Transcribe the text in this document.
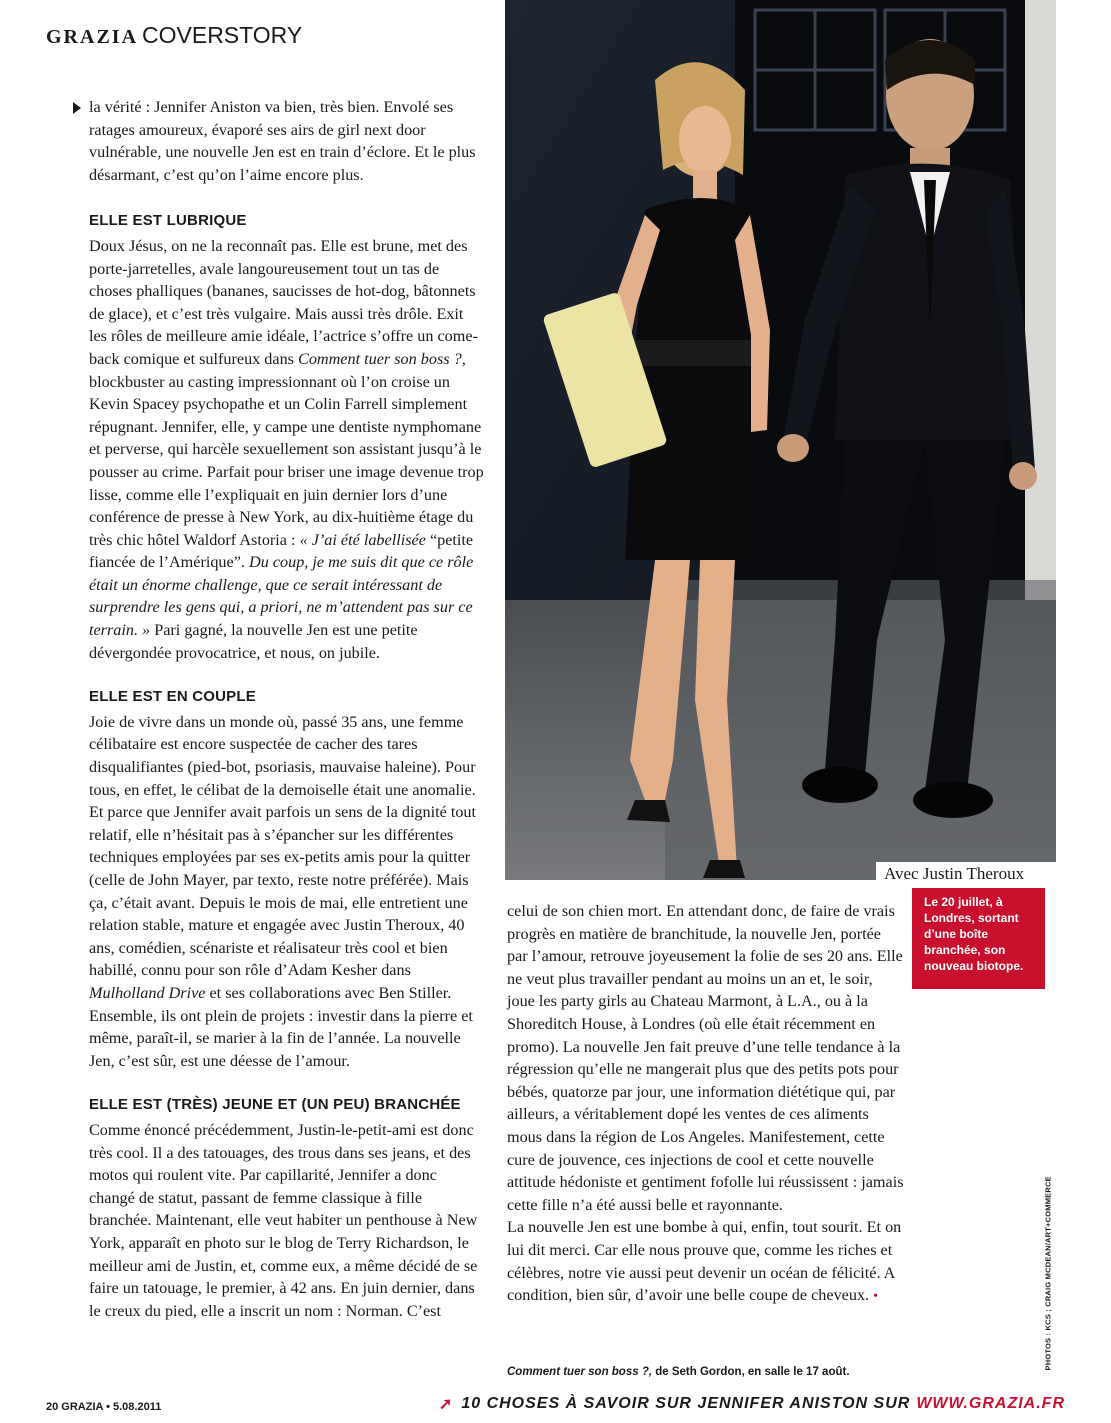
GRAZIA COVERSTORY

la vérité : Jennifer Aniston va bien, très bien. Envolé ses ratages amoureux, évaporé ses airs de girl next door vulnérable, une nouvelle Jen est en train d’éclore. Et le plus désarmant, c’est qu’on l’aime encore plus.

ELLE EST LUBRIQUE

Doux Jésus, on ne la reconnaît pas. Elle est brune, met des porte-jarretelles, avale langoureusement tout un tas de choses phalliques (bananes, saucisses de hot-dog, bâtonnets de glace), et c’est très vulgaire. Mais aussi très drôle. Exit les rôles de meilleure amie idéale, l’actrice s’offre un come-back comique et sulfureux dans Comment tuer son boss ?, blockbuster au casting impressionnant où l’on croise un Kevin Spacey psychopathe et un Colin Farrell simplement répugnant. Jennifer, elle, y campe une dentiste nymphomane et perverse, qui harcèle sexuellement son assistant jusqu’à le pousser au crime. Parfait pour briser une image devenue trop lisse, comme elle l’expliquait en juin dernier lors d’une conférence de presse à New York, au dix-huitième étage du très chic hôtel Waldorf Astoria : « J’ai été labellisée “petite fiancée de l’Amérique”. Du coup, je me suis dit que ce rôle était un énorme challenge, que ce serait intéressant de surprendre les gens qui, a priori, ne m’attendent pas sur ce terrain. » Pari gagné, la nouvelle Jen est une petite dévergondée provocatrice, et nous, on jubile.

ELLE EST EN COUPLE

Joie de vivre dans un monde où, passé 35 ans, une femme célibataire est encore suspectée de cacher des tares disqualifiantes (pied-bot, psoriasis, mauvaise haleine). Pour tous, en effet, le célibat de la demoiselle était une anomalie. Et parce que Jennifer avait parfois un sens de la dignité tout relatif, elle n’hésitait pas à s’épancher sur les différentes techniques employées par ses ex-petits amis pour la quitter (celle de John Mayer, par texto, reste notre préférée). Mais ça, c’était avant. Depuis le mois de mai, elle entretient une relation stable, mature et engagée avec Justin Theroux, 40 ans, comédien, scénariste et réalisateur très cool et bien habillé, connu pour son rôle d’Adam Kesher dans Mulholland Drive et ses collaborations avec Ben Stiller. Ensemble, ils ont plein de projets : investir dans la pierre et même, paraît-il, se marier à la fin de l’année. La nouvelle Jen, c’est sûr, est une déesse de l’amour.

ELLE EST (TRÈS) JEUNE ET (UN PEU) BRANCHÉE

Comme énoncé précédemment, Justin-le-petit-ami est donc très cool. Il a des tatouages, des trous dans ses jeans, et des motos qui roulent vite. Par capillarité, Jennifer a donc changé de statut, passant de femme classique à fille branchée. Maintenant, elle veut habiter un penthouse à New York, apparaît en photo sur le blog de Terry Richardson, le meilleur ami de Justin, et, comme eux, a même décidé de se faire un tatouage, le premier, à 42 ans. En juin dernier, dans le creux du pied, elle a inscrit un nom : Norman. C’est

Avec Justin Theroux
Le 20 juillet, à Londres, sortant d’une boîte branchée, son nouveau biotope.

celui de son chien mort. En attendant donc, de faire de vrais progrès en matière de branchitude, la nouvelle Jen, portée par l’amour, retrouve joyeusement la folie de ses 20 ans. Elle ne veut plus travailler pendant au moins un an et, le soir, joue les party girls au Chateau Marmont, à L.A., ou à la Shoreditch House, à Londres (où elle était récemment en promo). La nouvelle Jen fait preuve d’une telle tendance à la régression qu’elle ne mangerait plus que des petits pots pour bébés, quatorze par jour, une information diététique qui, par ailleurs, a véritablement dopé les ventes de ces aliments mous dans la région de Los Angeles. Manifestement, cette cure de jouvence, ces injections de cool et cette nouvelle attitude hédoniste et gentiment fofolle lui réussissent : jamais cette fille n’a été aussi belle et rayonnante.

La nouvelle Jen est une bombe à qui, enfin, tout sourit. Et on lui dit merci. Car elle nous prouve que, comme les riches et célèbres, notre vie aussi peut devenir un océan de félicité. A condition, bien sûr, d’avoir une belle coupe de cheveux. •

Comment tuer son boss ?, de Seth Gordon, en salle le 17 août.
PHOTOS : KCS ; CRAIG MCDEAN/ART+COMMERCE
20 GRAZIA • 5.08.2011	➚ 10 CHOSES À SAVOIR SUR JENNIFER ANISTON SUR WWW.GRAZIA.FR
